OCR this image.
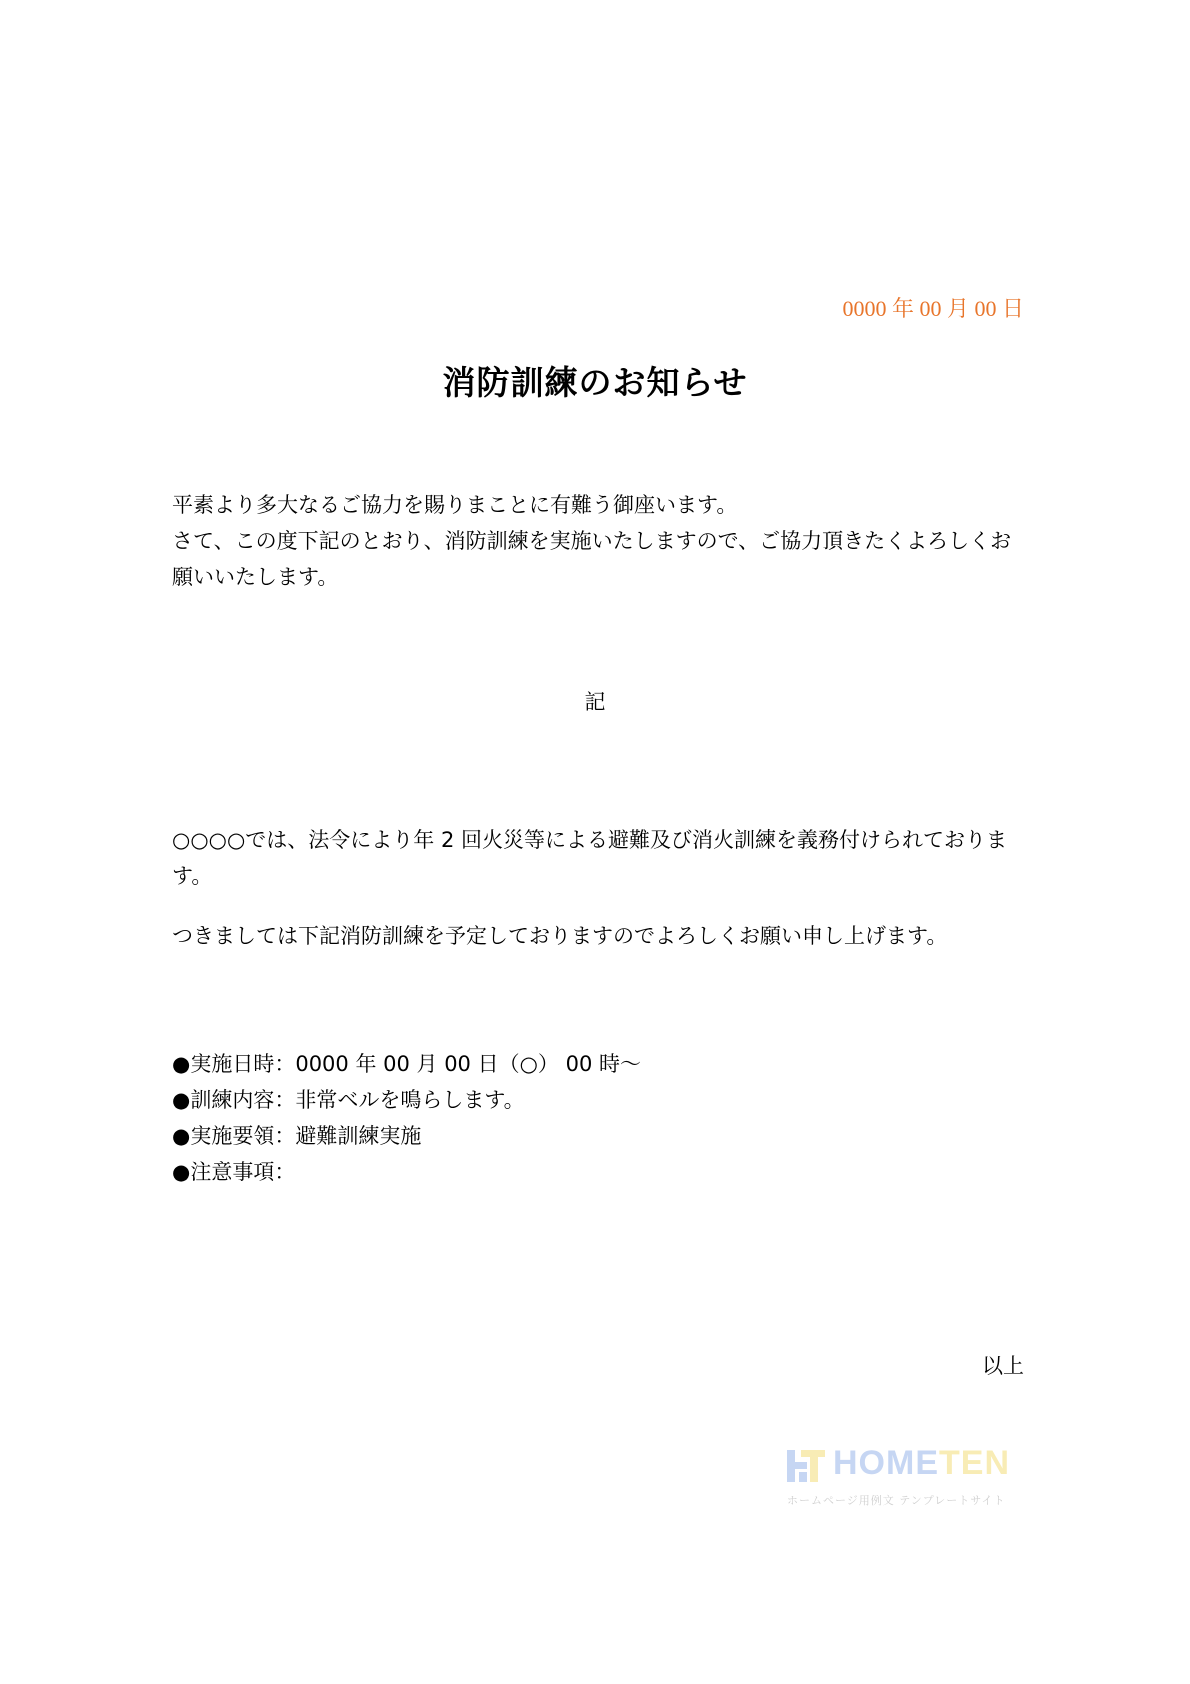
0000 年 00 月 00 日
消防訓練のお知らせ

平素より多大なるご協力を賜りまことに有難う御座います。

さて、この度下記のとおり、消防訓練を実施いたしますので、ご協力頂きたくよろしくお願いいたします。

記
○○○○では、法令により年 2 回火災等による避難及び消火訓練を義務付けられております。
つきましては下記消防訓練を予定しておりますのでよろしくお願い申し上げます。
●実施日時：0000 年 00 月 00 日（○） 00 時～
●訓練内容：非常ベルを鳴らします。
●実施要領：避難訓練実施
●注意事項：
以上
HOMETEN
ホームページ用例文 テンプレートサイト
